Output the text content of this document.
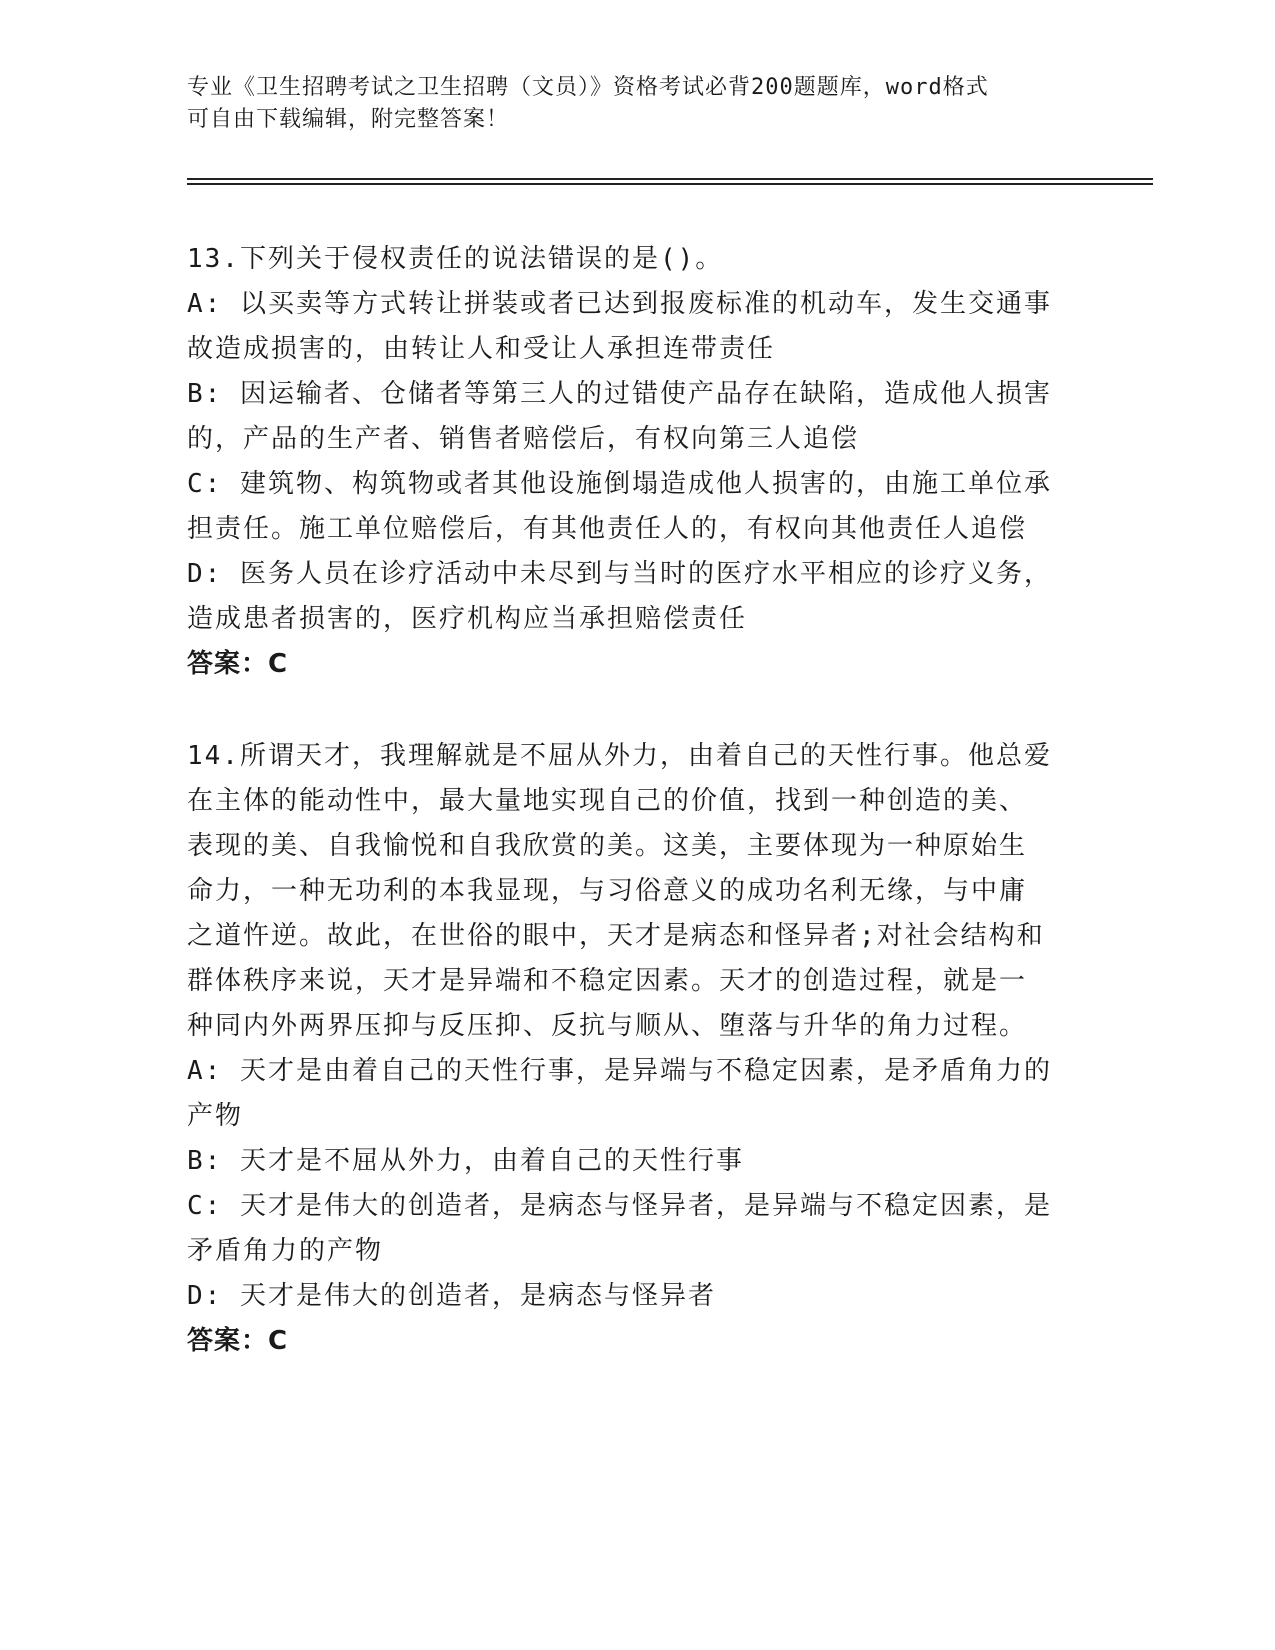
专业《卫生招聘考试之卫生招聘（文员）》资格考试必背200题题库，word格式
可自由下载编辑，附完整答案！
13.下列关于侵权责任的说法错误的是()。
A: 以买卖等方式转让拼装或者已达到报废标准的机动车，发生交通事
故造成损害的，由转让人和受让人承担连带责任
B: 因运输者、仓储者等第三人的过错使产品存在缺陷，造成他人损害
的，产品的生产者、销售者赔偿后，有权向第三人追偿
C: 建筑物、构筑物或者其他设施倒塌造成他人损害的，由施工单位承
担责任。施工单位赔偿后，有其他责任人的，有权向其他责任人追偿
D: 医务人员在诊疗活动中未尽到与当时的医疗水平相应的诊疗义务，
造成患者损害的，医疗机构应当承担赔偿责任
答案：C
14.所谓天才，我理解就是不屈从外力，由着自己的天性行事。他总爱
在主体的能动性中，最大量地实现自己的价值，找到一种创造的美、
表现的美、自我愉悦和自我欣赏的美。这美，主要体现为一种原始生
命力，一种无功利的本我显现，与习俗意义的成功名利无缘，与中庸
之道忤逆。故此，在世俗的眼中，天才是病态和怪异者;对社会结构和
群体秩序来说，天才是异端和不稳定因素。天才的创造过程，就是一
种同内外两界压抑与反压抑、反抗与顺从、堕落与升华的角力过程。
A: 天才是由着自己的天性行事，是异端与不稳定因素，是矛盾角力的
产物
B: 天才是不屈从外力，由着自己的天性行事
C: 天才是伟大的创造者，是病态与怪异者，是异端与不稳定因素，是
矛盾角力的产物
D: 天才是伟大的创造者，是病态与怪异者
答案：C
